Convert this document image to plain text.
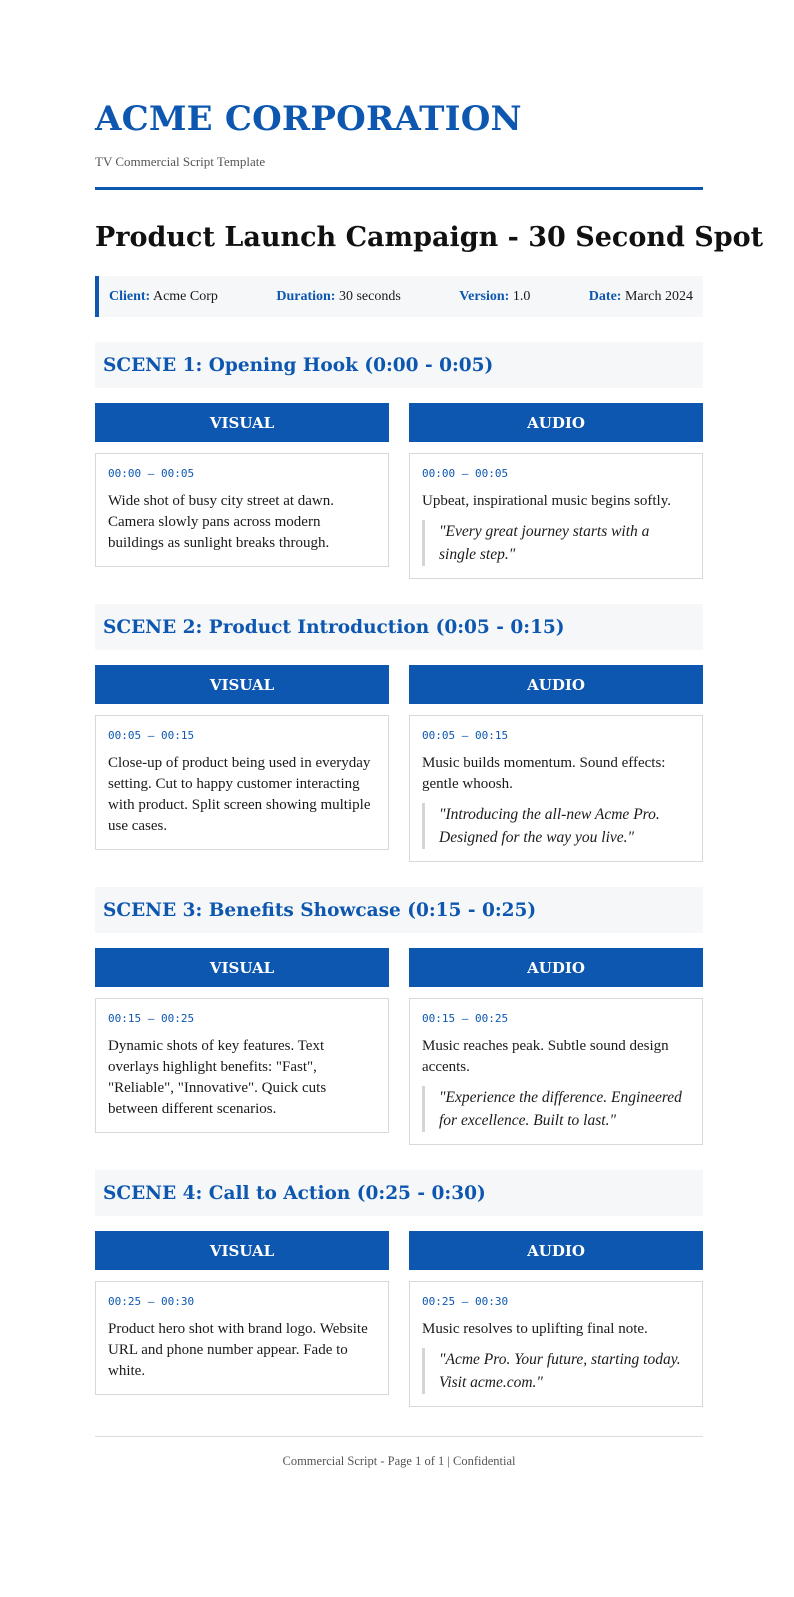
ACME CORPORATION
TV Commercial Script Template
Product Launch Campaign - 30 Second Spot
Client: Acme Corp	Duration: 30 seconds	Version: 1.0	Date: March 2024
SCENE 1: Opening Hook (0:00 - 0:05)
VISUAL
00:00 – 00:05
Wide shot of busy city street at dawn. Camera slowly pans across modern buildings as sunlight breaks through.
AUDIO
00:00 – 00:05
Upbeat, inspirational music begins softly.
"Every great journey starts with a single step."
SCENE 2: Product Introduction (0:05 - 0:15)
VISUAL
00:05 – 00:15
Close-up of product being used in everyday setting. Cut to happy customer interacting with product. Split screen showing multiple use cases.
AUDIO
00:05 – 00:15
Music builds momentum. Sound effects: gentle whoosh.
"Introducing the all-new Acme Pro. Designed for the way you live."
SCENE 3: Benefits Showcase (0:15 - 0:25)
VISUAL
00:15 – 00:25
Dynamic shots of key features. Text overlays highlight benefits: "Fast", "Reliable", "Innovative". Quick cuts between different scenarios.
AUDIO
00:15 – 00:25
Music reaches peak. Subtle sound design accents.
"Experience the difference. Engineered for excellence. Built to last."
SCENE 4: Call to Action (0:25 - 0:30)
VISUAL
00:25 – 00:30
Product hero shot with brand logo. Website URL and phone number appear. Fade to white.
AUDIO
00:25 – 00:30
Music resolves to uplifting final note.
"Acme Pro. Your future, starting today. Visit acme.com."
Commercial Script - Page 1 of 1 | Confidential
